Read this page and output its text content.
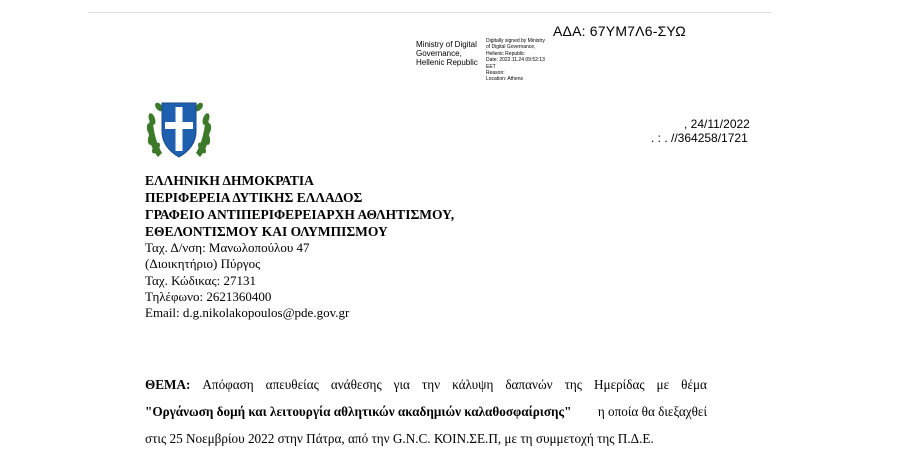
ΑΔΑ: 67ΥΜ7Λ6-ΣΥΩ
Ministry of Digital
Governance,
Hellenic Republic
Digitally signed by Ministry
of Digital Governance,
Hellenic Republic
Date: 2022.11.24 09:52:13
EET
Reason:
Location: Athens
, 24/11/2022
. : . //364258/1721
ΕΛΛΗΝΙΚΗ ΔΗΜΟΚΡΑΤΙΑ
ΠΕΡΙΦΕΡΕΙΑ ΔΥΤΙΚΗΣ ΕΛΛΑΔΟΣ
ΓΡΑΦΕΙΟ ΑΝΤΙΠΕΡΙΦΕΡΕΙΑΡΧΗ ΑΘΛΗΤΙΣΜΟΥ,
ΕΘΕΛΟΝΤΙΣΜΟΥ ΚΑΙ ΟΛΥΜΠΙΣΜΟΥ
Ταχ. Δ/νση: Μανωλοπούλου 47
(Διοικητήριο) Πύργος
Ταχ. Κώδικας: 27131
Τηλέφωνο: 2621360400
Email: d.g.nikolakopoulos@pde.gov.gr
ΘΕΜΑ: Απόφαση απευθείας ανάθεσης για την κάλυψη δαπανών της Ημερίδας με θέμα
"Οργάνωση δομή και λειτουργία αθλητικών ακαδημιών καλαθοσφαίρισης" η οποία θα διεξαχθεί
στις 25 Νοεμβρίου 2022 στην Πάτρα, από την G.N.C. ΚΟΙΝ.ΣΕ.Π, με τη συμμετοχή της Π.Δ.Ε.
